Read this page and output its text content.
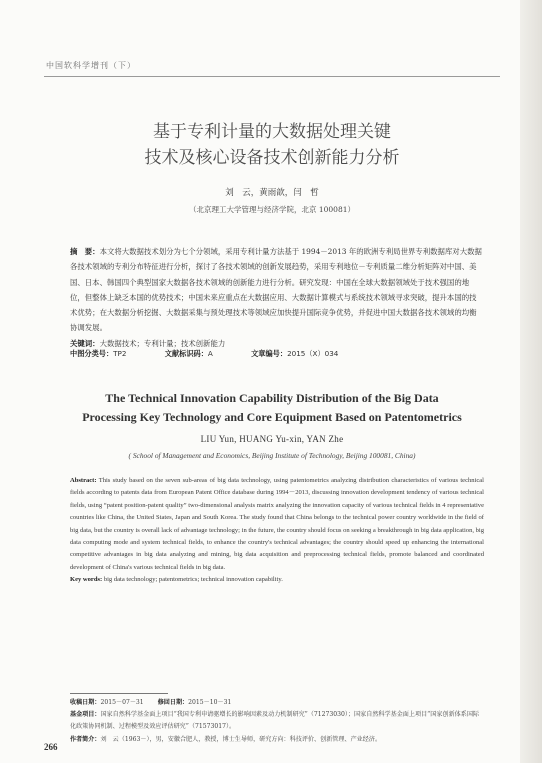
中国软科学增刊（下）
基于专利计量的大数据处理关键
技术及核心设备技术创新能力分析
刘　云，黄雨歆，闫　哲
（北京理工大学管理与经济学院，北京 100081）

摘　要：本文将大数据技术划分为七个分领域，采用专利计量方法基于 1994－2013 年的欧洲专利局世界专利数据库对大数据各技术领域的专利分布特征进行分析，探讨了各技术领域的创新发展趋势，采用专利地位－专利质量二维分析矩阵对中国、美国、日本、韩国四个典型国家大数据各技术领域的创新能力进行分析。研究发现：中国在全球大数据领域处于技术强国的地位，但整体上缺乏本国的优势技术；中国未来应重点在大数据应用、大数据计算模式与系统技术领域寻求突破，提升本国的技术优势；在大数据分析挖掘、大数据采集与预处理技术等领域应加快提升国际竞争优势，并促进中国大数据各技术领域的均衡协调发展。

关键词：大数据技术；专利计量；技术创新能力

中图分类号：TP2	文献标识码：A	文章编号：2015（X）034
The Technical Innovation Capability Distribution of the Big Data
Processing Key Technology and Core Equipment Based on Patentometrics
LIU Yun, HUANG Yu-xin, YAN Zhe
( School of Management and Economics, Beijing Institute of Technology, Beijing 100081, China)

Abstract: This study based on the seven sub-areas of big data technology, using patentometrics analyzing distribution characteristics of various technical fields according to patents data from European Patent Office database during 1994－2013, discussing innovation development tendency of various technical fields, using “patent position-patent quality” two-dimensional analysis matrix analyzing the innovation capacity of various technical fields in 4 representative countries like China, the United States, Japan and South Korea. The study found that China belongs to the technical power country worldwide in the field of big data, but the country is overall lack of advantage technology; in the future, the country should focus on seeking a breakthrough in big data application, big data computing mode and system technical fields, to enhance the country's technical advantages; the country should speed up enhancing the international competitive advantages in big data analyzing and mining, big data acquisition and preprocessing technical fields, promote balanced and coordinated development of China's various technical fields in big data.

Key words: big data technology; patentometrics; technical innovation capability.

收稿日期：2015－07－31 修回日期：2015－10－31

基金项目：国家自然科学基金面上项目“我国专利申请驱增长的影响因素及动力机制研究”（71273030）；国家自然科学基金面上项目“国家创新体系国际化政策协同机制、过程模型及效应评估研究”（71573017）。

作者简介：刘　云（1963－），男，安徽合肥人，教授，博士生导师，研究方向：科技评价、创新管理、产业经济。

266
